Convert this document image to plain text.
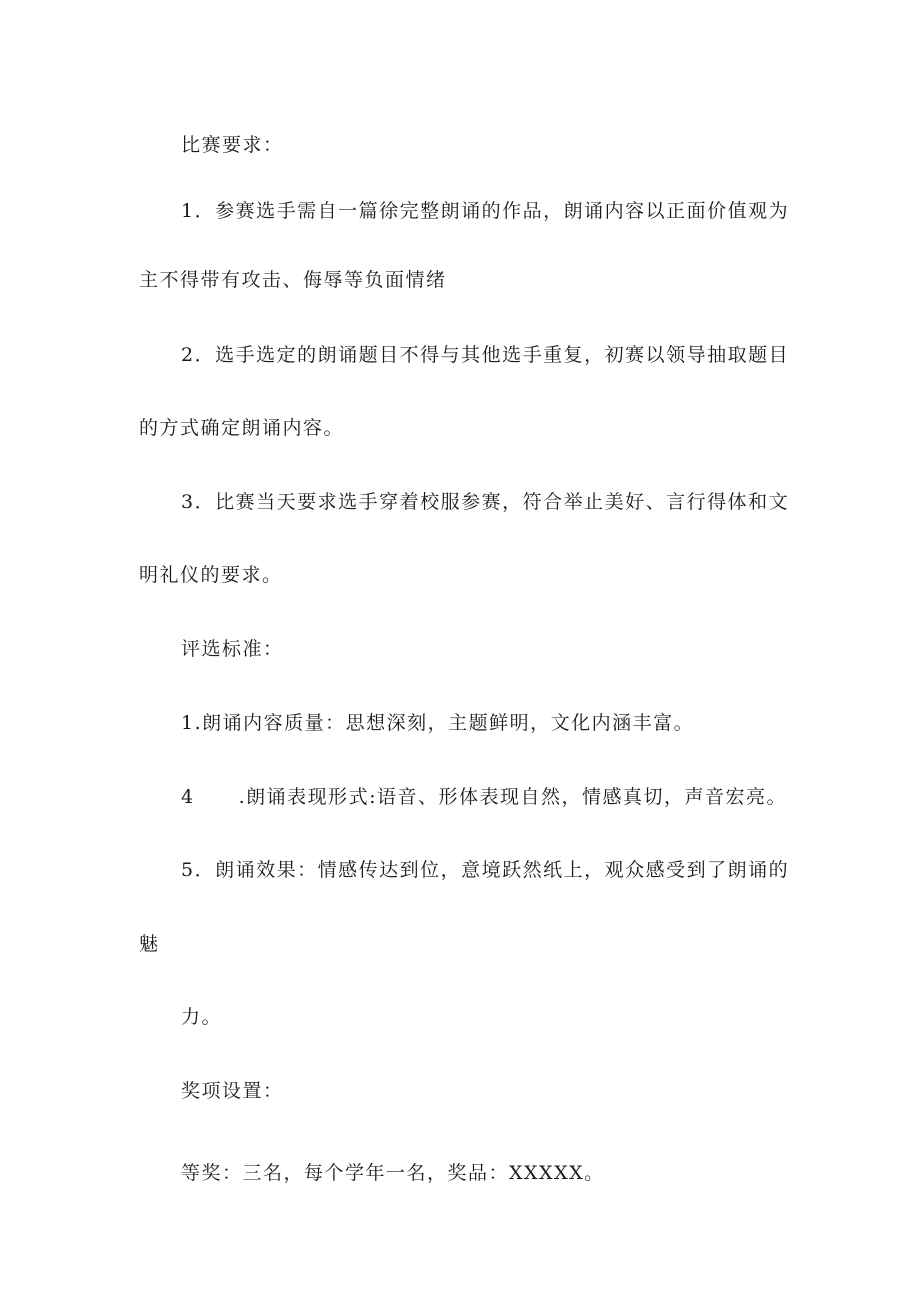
比赛要求：
1．参赛选手需自一篇徐完整朗诵的作品，朗诵内容以正面价值观为
主不得带有攻击、侮辱等负面情绪
2．选手选定的朗诵题目不得与其他选手重复，初赛以领导抽取题目
的方式确定朗诵内容。
3．比赛当天要求选手穿着校服参赛，符合举止美好、言行得体和文
明礼仪的要求。
评选标准：
1.朗诵内容质量：思想深刻，主题鲜明，文化内涵丰富。
4 .朗诵表现形式:语音、形体表现自然，情感真切，声音宏亮。
5．朗诵效果：情感传达到位，意境跃然纸上，观众感受到了朗诵的
魅
力。
奖项设置：
等奖：三名，每个学年一名，奖品：XXXXX。
